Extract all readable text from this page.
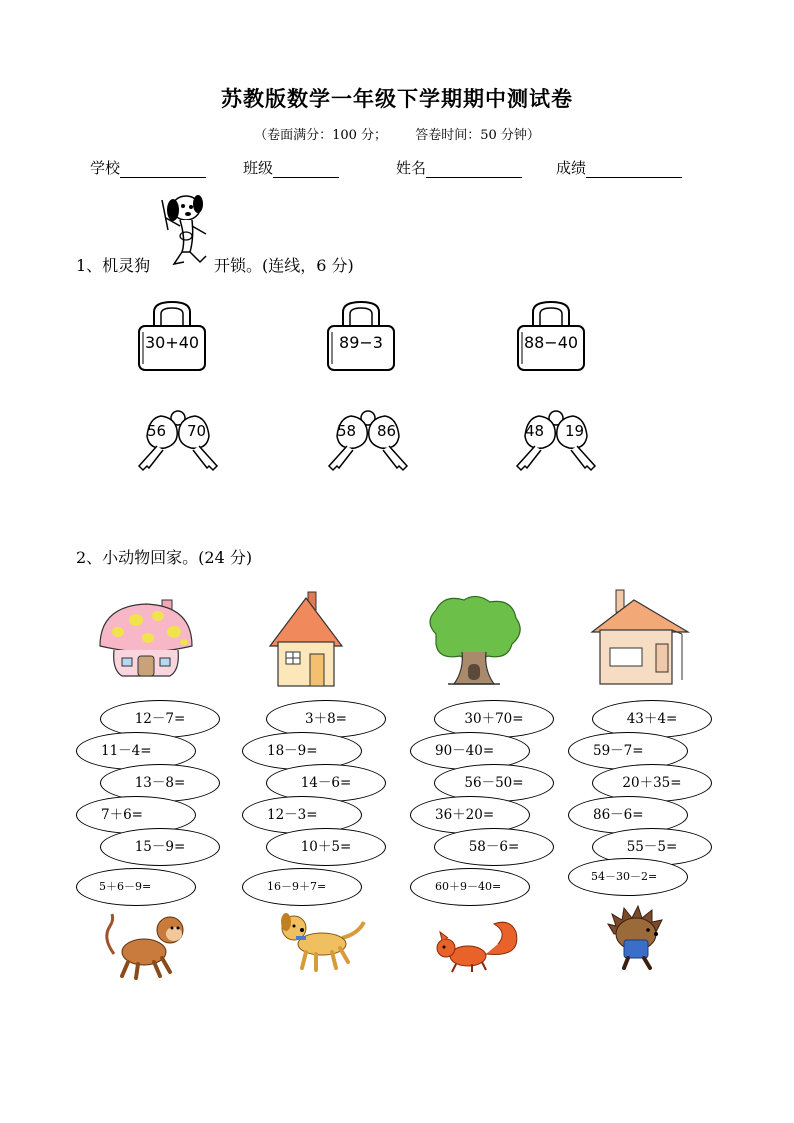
苏教版数学一年级下学期期中测试卷
（卷面满分：100 分； 答卷时间：50 分钟）
学校	班级	姓名	成绩
1、机灵狗	开锁。(连线，6 分)
30+40	89−3	88−40
56 70	58 86	48 19
2、小动物回家。(24 分)
12－7=
11－4=
13－8=
7＋6=
15－9=
5＋6－9=
3＋8=
18－9=
14－6=
12－3=
10＋5=
16－9＋7=
30＋70=
90－40=
56－50=
36＋20=
58－6=
60＋9－40=
43＋4=
59－7=
20＋35=
86－6=
55－5=
54－30－2=
